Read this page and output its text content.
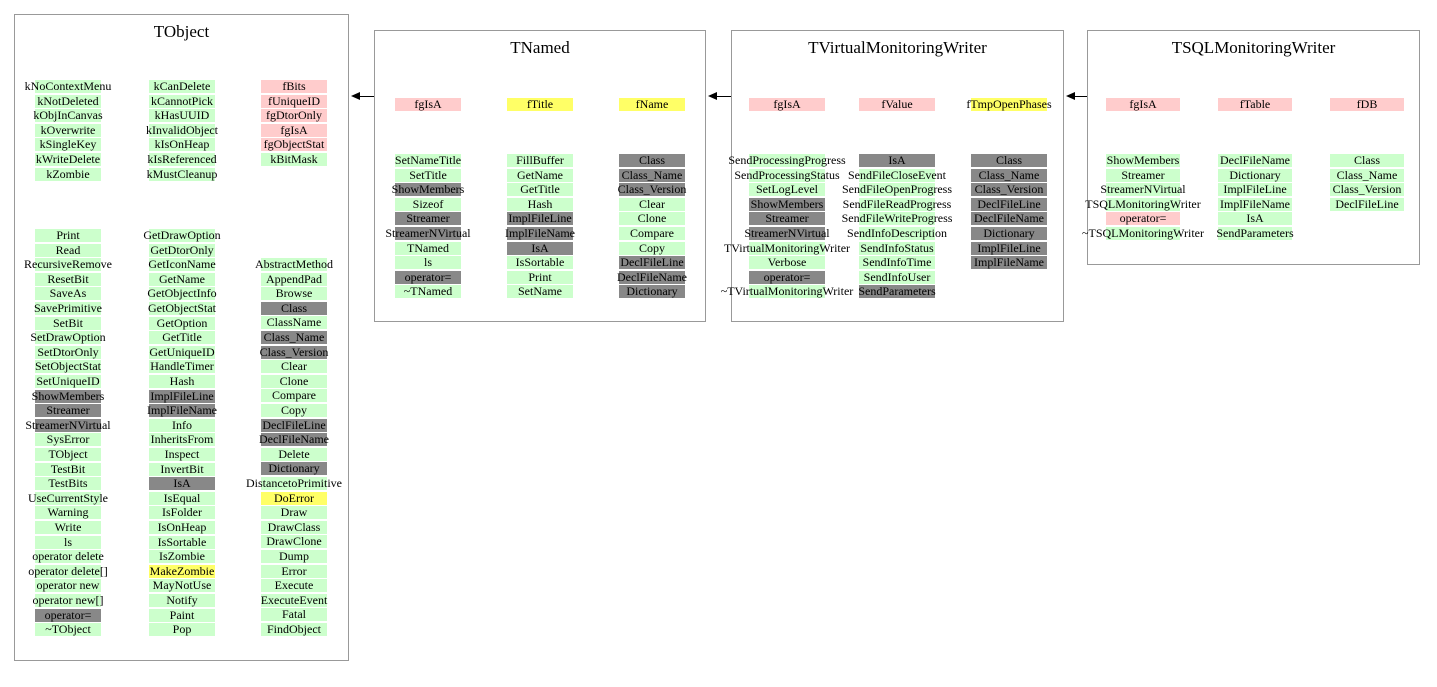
TObject
kNoContextMenu
kNotDeleted
kObjInCanvas
kOverwrite
kSingleKey
kWriteDelete
kZombie
kCanDelete
kCannotPick
kHasUUID
kInvalidObject
kIsOnHeap
kIsReferenced
kMustCleanup
fBits
fUniqueID
fgDtorOnly
fgIsA
fgObjectStat
kBitMask
Print
Read
RecursiveRemove
ResetBit
SaveAs
SavePrimitive
SetBit
SetDrawOption
SetDtorOnly
SetObjectStat
SetUniqueID
ShowMembers
Streamer
StreamerNVirtual
SysError
TObject
TestBit
TestBits
UseCurrentStyle
Warning
Write
ls
operator delete
operator delete[]
operator new
operator new[]
operator=
~TObject
GetDrawOption
GetDtorOnly
GetIconName
GetName
GetObjectInfo
GetObjectStat
GetOption
GetTitle
GetUniqueID
HandleTimer
Hash
ImplFileLine
ImplFileName
Info
InheritsFrom
Inspect
InvertBit
IsA
IsEqual
IsFolder
IsOnHeap
IsSortable
IsZombie
MakeZombie
MayNotUse
Notify
Paint
Pop
AbstractMethod
AppendPad
Browse
Class
ClassName
Class_Name
Class_Version
Clear
Clone
Compare
Copy
DeclFileLine
DeclFileName
Delete
Dictionary
DistancetoPrimitive
DoError
Draw
DrawClass
DrawClone
Dump
Error
Execute
ExecuteEvent
Fatal
FindObject
TNamed
fgIsA	fTitle	fName
SetNameTitle
SetTitle
ShowMembers
Sizeof
Streamer
StreamerNVirtual
TNamed
ls
operator=
~TNamed
FillBuffer
GetName
GetTitle
Hash
ImplFileLine
ImplFileName
IsA
IsSortable
Print
SetName
Class
Class_Name
Class_Version
Clear
Clone
Compare
Copy
DeclFileLine
DeclFileName
Dictionary
TVirtualMonitoringWriter
fgIsA	fValue	fTmpOpenPhases
SendProcessingProgress
SendProcessingStatus
SetLogLevel
ShowMembers
Streamer
StreamerNVirtual
TVirtualMonitoringWriter
Verbose
operator=
~TVirtualMonitoringWriter
IsA
SendFileCloseEvent
SendFileOpenProgress
SendFileReadProgress
SendFileWriteProgress
SendInfoDescription
SendInfoStatus
SendInfoTime
SendInfoUser
SendParameters
Class
Class_Name
Class_Version
DeclFileLine
DeclFileName
Dictionary
ImplFileLine
ImplFileName
TSQLMonitoringWriter
fgIsA	fTable	fDB
ShowMembers
Streamer
StreamerNVirtual
TSQLMonitoringWriter
operator=
~TSQLMonitoringWriter
DeclFileName
Dictionary
ImplFileLine
ImplFileName
IsA
SendParameters
Class
Class_Name
Class_Version
DeclFileLine
